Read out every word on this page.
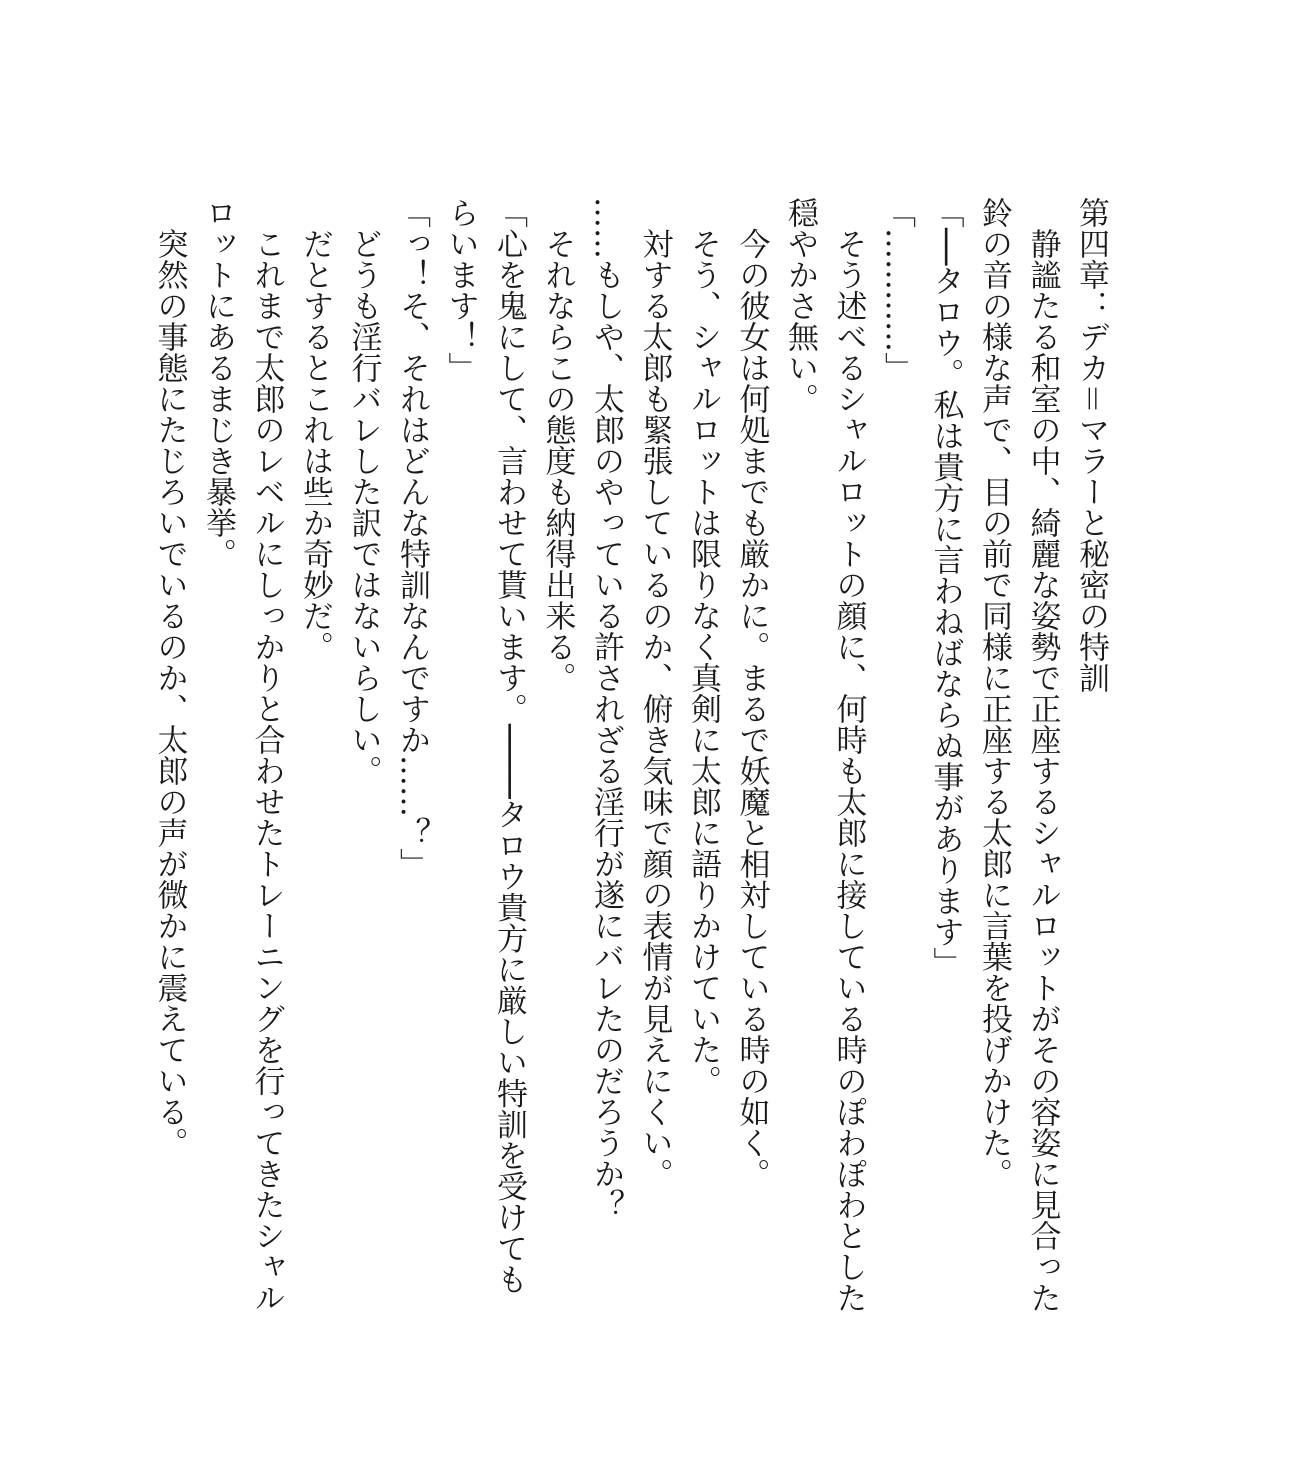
第四章：デカ＝マラーと秘密の特訓

　静謐たる和室の中、綺麗な姿勢で正座するシャルロットがその容姿に見合った鈴の音の様な声で、目の前で同様に正座する太郎に言葉を投げかけた。

「──タロウ。私は貴方に言わねばならぬ事があります」

「…………」

　そう述べるシャルロットの顔に、何時も太郎に接している時のぽわぽわとした穏やかさ無い。

　今の彼女は何処までも厳かに。まるで妖魔と相対している時の如く。

　そう、シャルロットは限りなく真剣に太郎に語りかけていた。

　対する太郎も緊張しているのか、俯き気味で顔の表情が見えにくい。

……もしや、太郎のやっている許されざる淫行が遂にバレたのだろうか？

　それならこの態度も納得出来る。

「心を鬼にして、言わせて貰います。────タロウ貴方に厳しい特訓を受けてもらいます！」

「っ！そ、それはどんな特訓なんですか……？」

　どうも淫行バレした訳ではないらしい。

　だとするとこれは些か奇妙だ。

　これまで太郎のレベルにしっかりと合わせたトレーニングを行ってきたシャルロットにあるまじき暴挙。

　突然の事態にたじろいでいるのか、太郎の声が微かに震えている。
